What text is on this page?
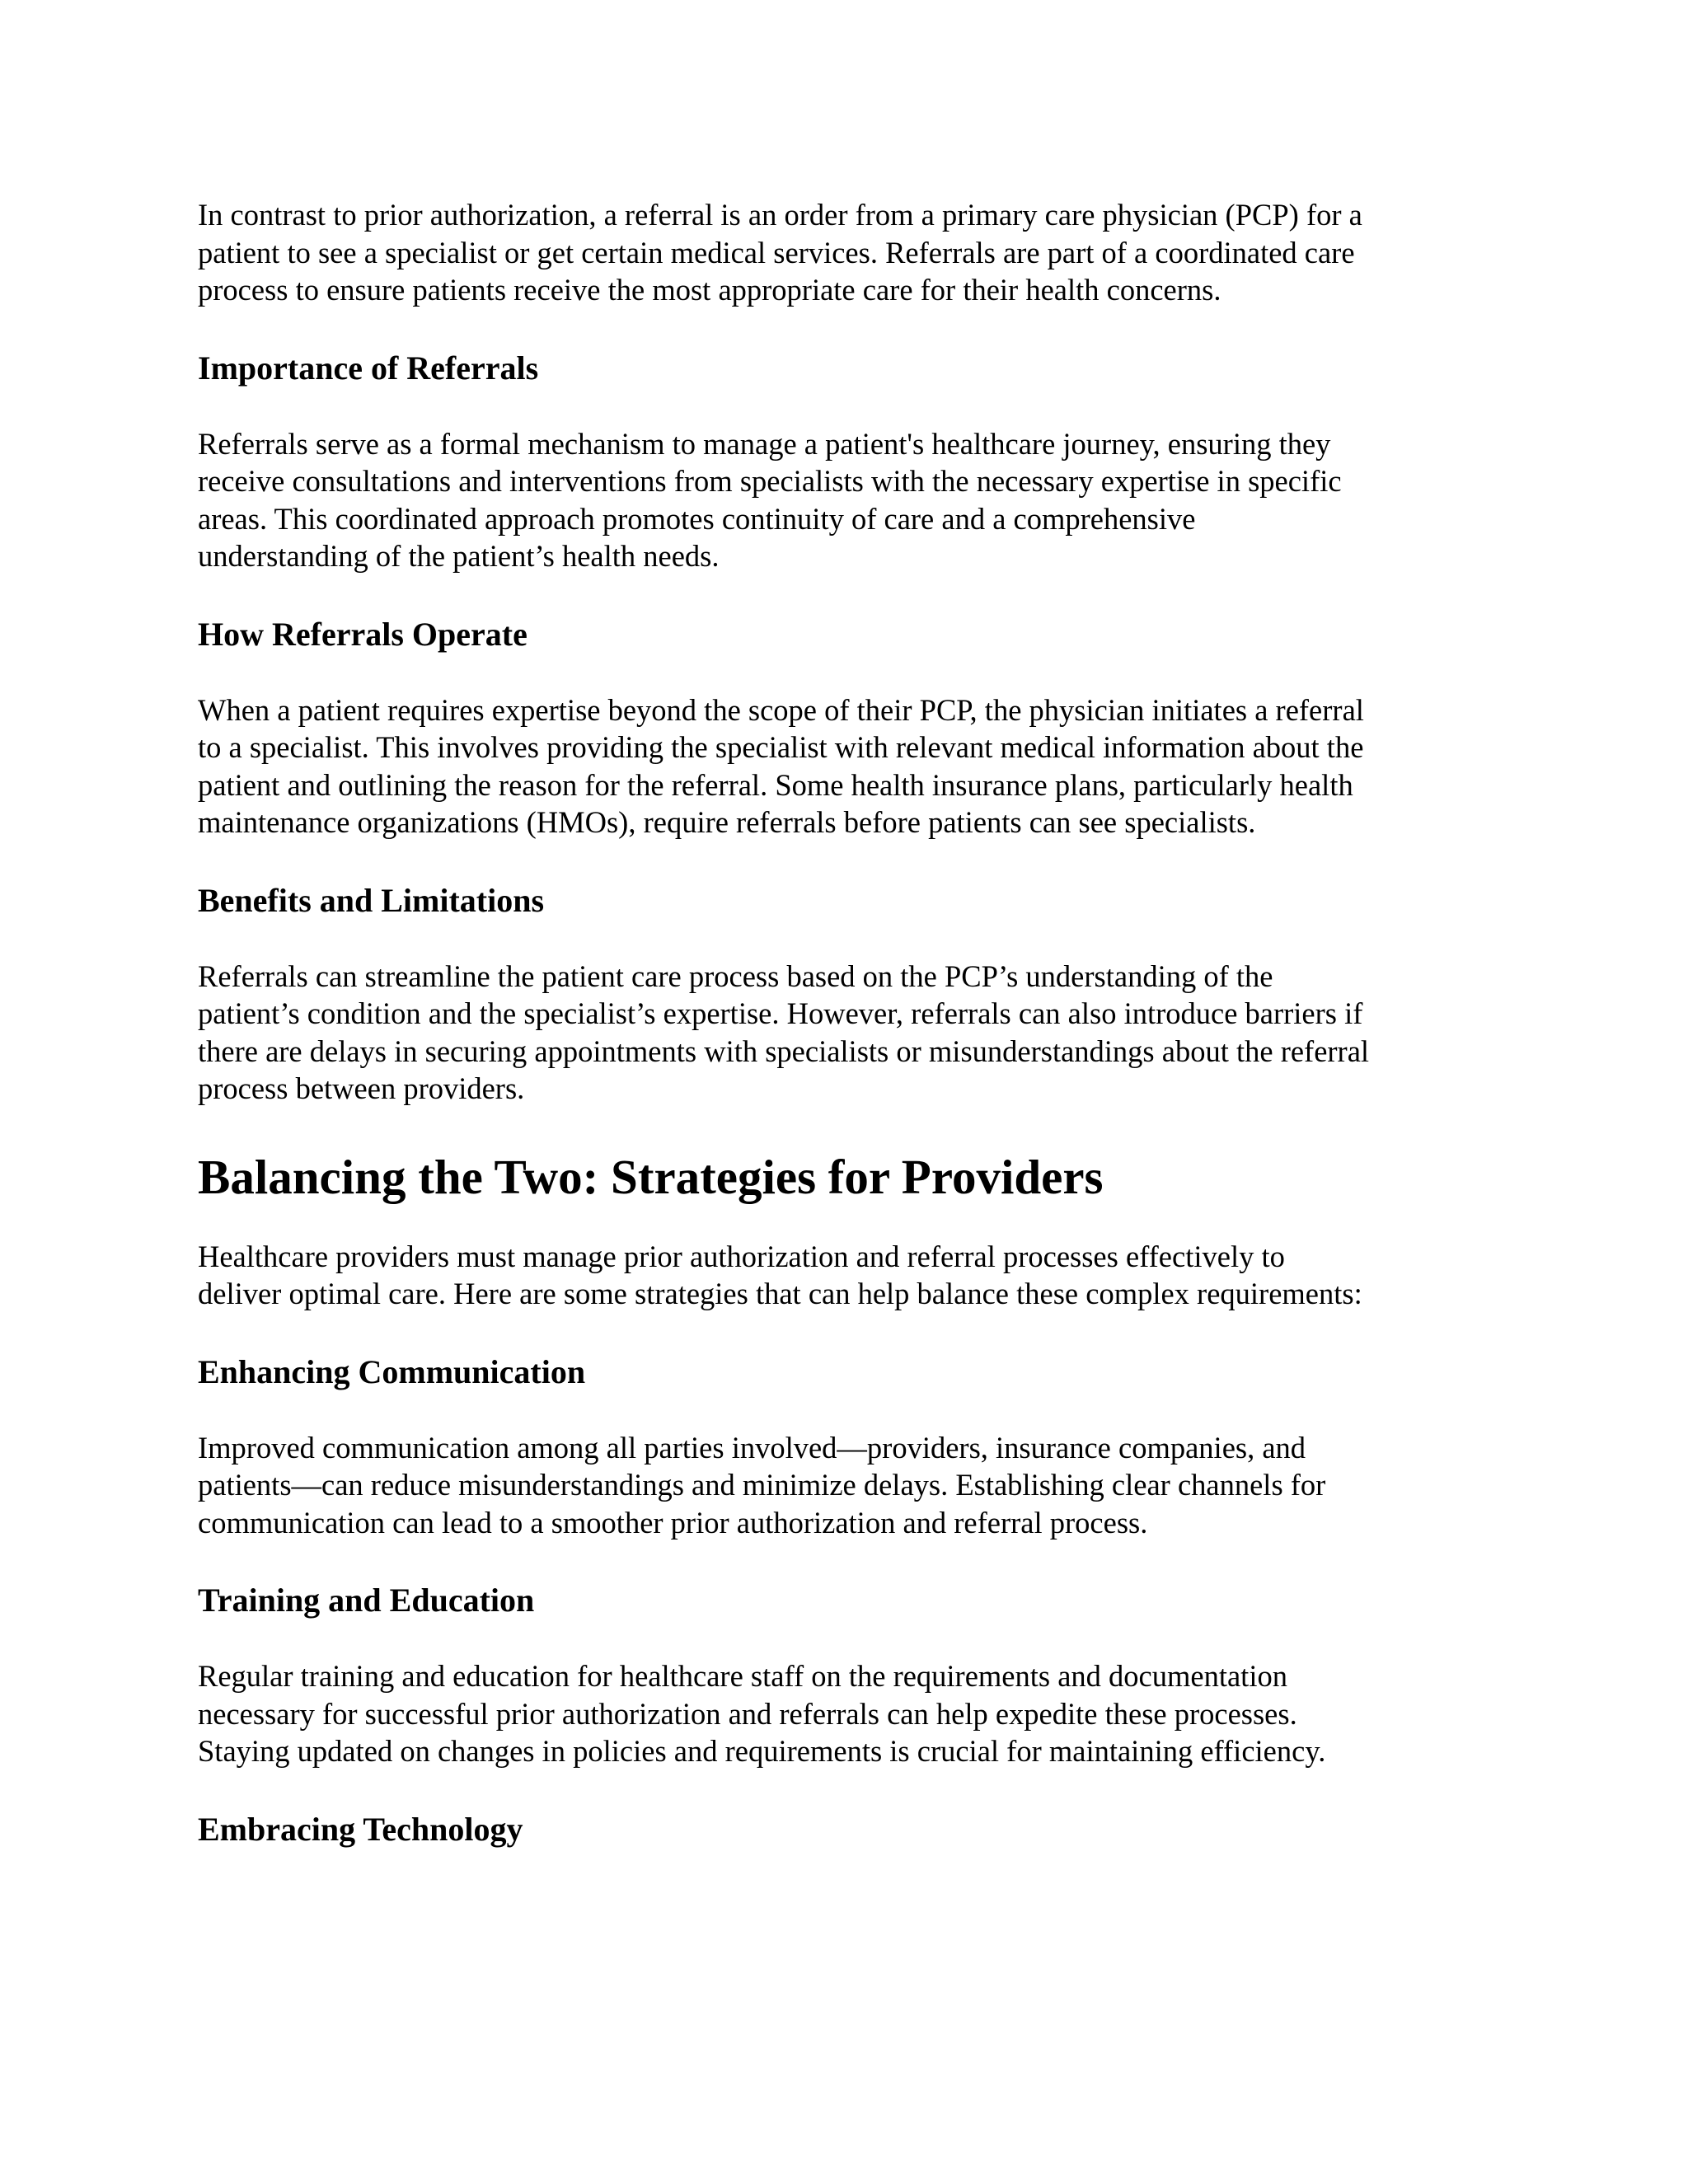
In contrast to prior authorization, a referral is an order from a primary care physician (PCP) for a
patient to see a specialist or get certain medical services. Referrals are part of a coordinated care
process to ensure patients receive the most appropriate care for their health concerns.

Importance of Referrals

Referrals serve as a formal mechanism to manage a patient's healthcare journey, ensuring they
receive consultations and interventions from specialists with the necessary expertise in specific
areas. This coordinated approach promotes continuity of care and a comprehensive
understanding of the patient’s health needs.

How Referrals Operate

When a patient requires expertise beyond the scope of their PCP, the physician initiates a referral
to a specialist. This involves providing the specialist with relevant medical information about the
patient and outlining the reason for the referral. Some health insurance plans, particularly health
maintenance organizations (HMOs), require referrals before patients can see specialists.

Benefits and Limitations

Referrals can streamline the patient care process based on the PCP’s understanding of the
patient’s condition and the specialist’s expertise. However, referrals can also introduce barriers if
there are delays in securing appointments with specialists or misunderstandings about the referral
process between providers.

Balancing the Two: Strategies for Providers

Healthcare providers must manage prior authorization and referral processes effectively to
deliver optimal care. Here are some strategies that can help balance these complex requirements:

Enhancing Communication

Improved communication among all parties involved—providers, insurance companies, and
patients—can reduce misunderstandings and minimize delays. Establishing clear channels for
communication can lead to a smoother prior authorization and referral process.

Training and Education

Regular training and education for healthcare staff on the requirements and documentation
necessary for successful prior authorization and referrals can help expedite these processes.
Staying updated on changes in policies and requirements is crucial for maintaining efficiency.

Embracing Technology
